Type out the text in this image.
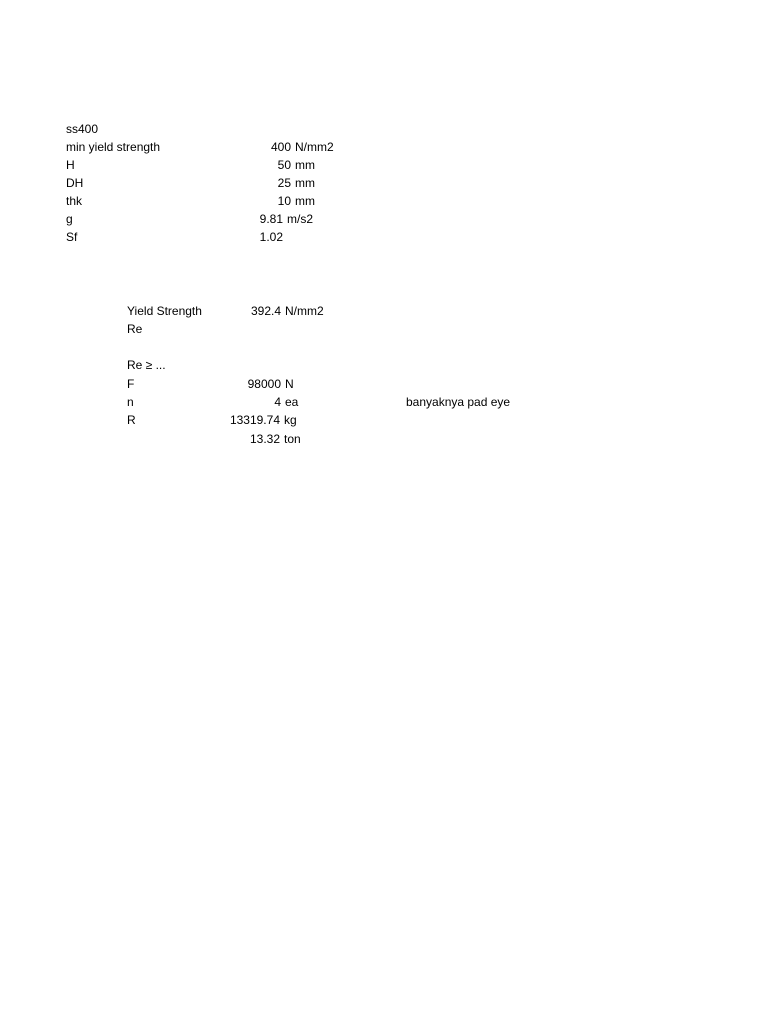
ss400
min yield strength	400 N/mm2
H	50 mm
DH	25 mm
thk	10 mm
g	9.81 m/s2
Sf	1.02
Yield Strength	392.4 N/mm2
Re
Re ≥ ...
F	98000 N
n	4 ea	banyaknya pad eye
R	13319.74 kg
13.32 ton
